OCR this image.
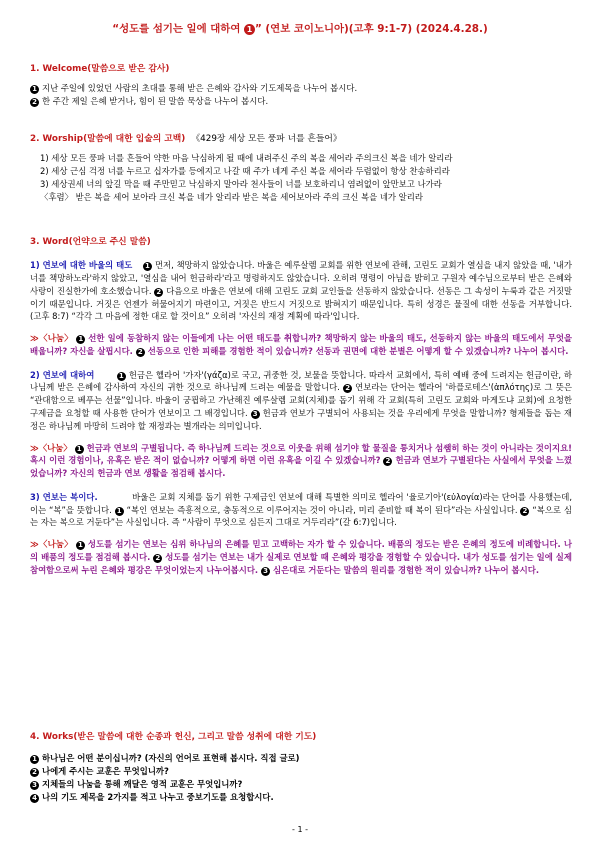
“성도를 섬기는 일에 대하여 1 ” (연보 코이노니아)(고후 9:1-7) (2024.4.28.)

1. Welcome(말씀으로 받은 감사)

1 지난 주일에 있었던 사람의 초대를 통해 받은 은혜와 감사와 기도제목을 나누어 봅시다.

2 한 주간 제일 은혜 받거나, 힘이 된 말씀 묵상을 나누어 봅시다.

2. Worship(말씀에 대한 입술의 고백) 《429장 세상 모든 풍파 너를 흔들어》

1) 세상 모든 풍파 너를 흔들어 약한 마음 낙심하게 될 때에 내려주신 주의 복을 세어라 주의크신 복을 네가 알리라

2) 세상 근심 걱정 너를 누르고 십자가를 등에지고 나갈 때 주가 네게 주신 복을 세어라 두렴없이 항상 찬송하리라

3) 세상권세 너의 앞길 막을 때 주만믿고 낙심하지 말아라 천사들이 너를 보호하리니 염려없이 앞만보고 나가라

〈후렴〉 받은 복을 세어 보아라 크신 복을 네가 알리라 받은 복을 세어보아라 주의 크신 복을 네가 알리라

3. Word(언약으로 주신 말씀)

1) 연보에 대한 바울의 태도 1 먼저, 책망하지 않았습니다. 바울은 예루살렘 교회를 위한 연보에 관해, 고린도 교회가 열심을 내지 않았을 때, '내가 너를 책망하노라'하지 않았고, '열심을 내어 헌금하라'라고 명령하지도 않았습니다. 오히려 명령이 아님을 밝히고 구원자 예수님으로부터 받은 은혜와 사랑이 진실한가에 호소했습니다. 2 다음으로 바울은 연보에 대해 고린도 교회 교인들을 선동하지 않았습니다. 선동은 그 속성이 누룩과 같은 거짓말이기 때문입니다. 거짓은 언젠가 허물어지기 마련이고, 거짓은 반드시 거짓으로 밝혀지기 때문입니다. 특히 성경은 물질에 대한 선동을 거부합니다. (고후 8:7) “각각 그 마음에 정한 대로 할 것이요” 오히려 '자신의 재정 계획에 따라'입니다.

≫〈나눔〉 1 선한 일에 동참하지 않는 이들에게 나는 어떤 태도를 취합니까? 책망하지 않는 바울의 태도, 선동하지 않는 바울의 태도에서 무엇을 배웁니까? 자신을 살핍시다. 2 선동으로 인한 피해를 경험한 적이 있습니까? 선동과 권면에 대한 분별은 어떻게 할 수 있겠습니까? 나누어 봅시다.

2) 연보에 대하여	1 헌금은 헬라어 '가자'(γάζα)로 국고, 귀중한 것, 보물을 뜻합니다. 따라서 교회에서, 특히 예배 중에 드려지는 헌금이란, 하나님께 받은 은혜에 감사하여 자신의 귀한 것으로 하나님께 드려는 예물을 말합니다. 2 연보라는 단어는 헬라어 '하플로테스'(ἁπλότης)로 그 뜻은 “관대함으로 베푸는 선물”입니다. 바울이 궁핍하고 가난해진 예루살렘 교회(지체)를 돕기 위해 각 교회(특히 고린도 교회와 마게도냐 교회)에 요청한 구제금을 요청할 때 사용한 단어가 연보이고 그 배경입니다. 3 헌금과 연보가 구별되어 사용되는 것을 우리에게 무엇을 말합니까? 형제들을 돕는 재정은 하나님께 마땅히 드려야 할 재정과는 별개라는 의미입니다.

≫〈나눔〉 1 헌금과 연보의 구별됩니다. 즉 하나님께 드리는 것으로 이웃을 위해 섬기야 할 물질을 통치거나 섬쌤히 하는 것이 아니라는 것이지요! 혹시 이런 경험이나, 유혹은 받은 적이 없습니까? 어떻게 하면 이런 유혹을 이길 수 있겠습니까? 2 헌금과 연보가 구별된다는 사실에서 무엇을 느꼈었습니까? 자신의 헌금과 연보 생활을 점검해 봅시다.

3) 연보는 복이다.	바울은 교회 지체를 돕기 위한 구제금인 연보에 대해 특별한 의미로 헬라어 '율로기아'(εὐλογία)라는 단어를 사용했는데, 이는 “복”을 뜻합니다. 1 “복인 연보는 즉흥적으로, 충동적으로 이루어지는 것이 아니라, 미리 준비할 때 복이 된다”라는 사실입니다. 2 “복으로 심는 자는 복으로 거둔다”는 사실입니다. 즉 “사람이 무엇으로 심든지 그대로 거두리라”(갈 6:7)입니다.

≫〈나눔〉 1 성도를 섬기는 연보는 심위 하나님의 은혜를 믿고 고백하는 자가 할 수 있습니다. 배품의 정도는 받은 은혜의 정도에 비례합니다. 나의 배품의 정도를 점검해 봅시다. 2 성도를 섬기는 연보는 내가 실제로 연보할 때 은혜와 평강을 경험할 수 있습니다. 내가 성도를 섬기는 일에 실제 참여함으로써 누린 은혜와 평강은 무엇이었는지 나누어봅시다. 3 심은대로 거둔다는 말씀의 원리를 경험한 적이 있습니까? 나누어 봅시다.

4. Works(받은 말씀에 대한 순종과 헌신, 그리고 말씀 성취에 대한 기도)

1 하나님은 어떤 분이십니까? (자신의 언어로 표현해 봅시다. 직접 글로)

2 나에게 주시는 교훈은 무엇입니까?

3 지체들의 나눔을 통해 깨달은 영적 교훈은 무엇입니까?

4 나의 기도 제목을 2가지를 적고 나누고 중보기도를 요청합시다.

- 1 -
